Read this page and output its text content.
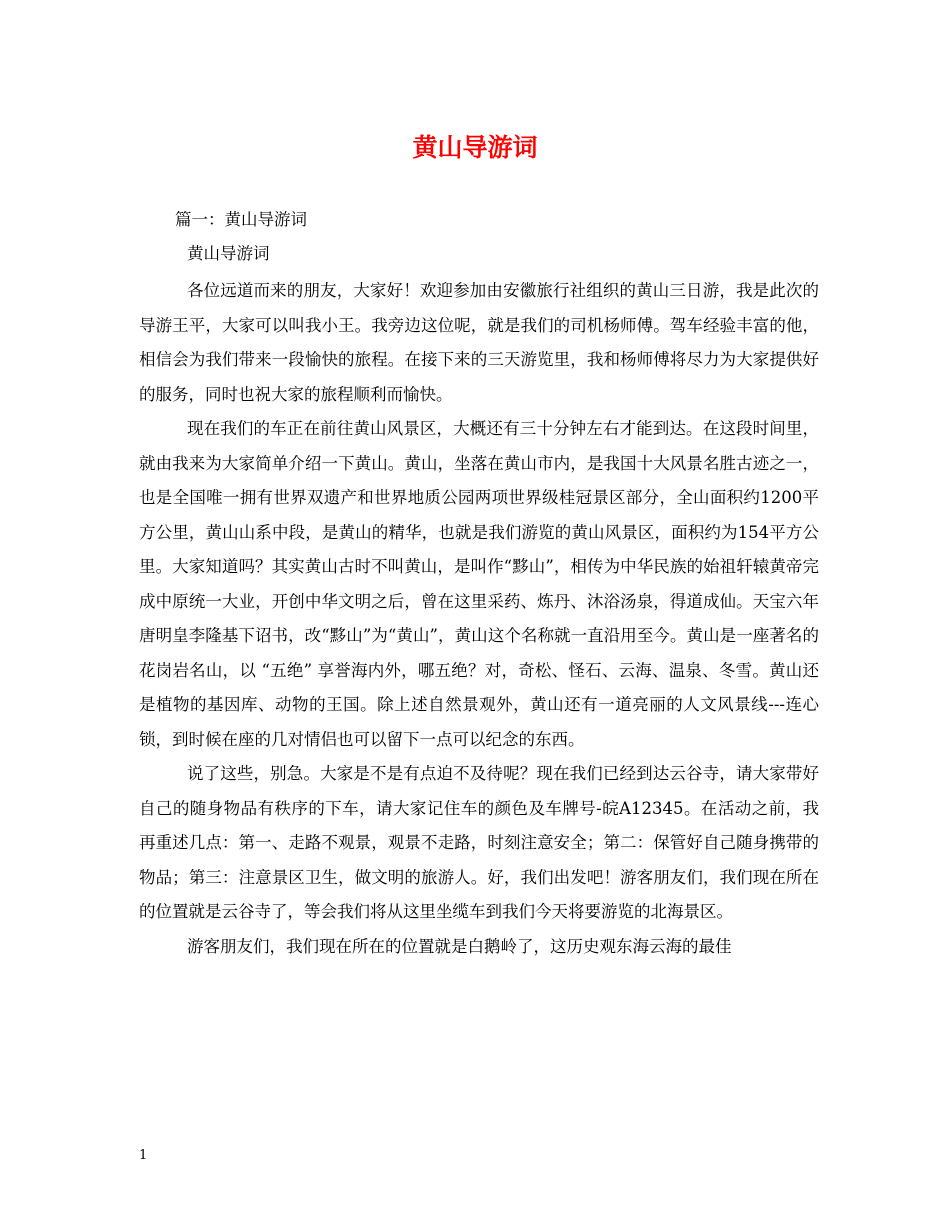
黄山导游词

篇一：黄山导游词

黄山导游词

各位远道而来的朋友，大家好！欢迎参加由安徽旅行社组织的黄山三日游，我是此次的导游王平，大家可以叫我小王。我旁边这位呢，就是我们的司机杨师傅。驾车经验丰富的他，相信会为我们带来一段愉快的旅程。在接下来的三天游览里，我和杨师傅将尽力为大家提供好的服务，同时也祝大家的旅程顺利而愉快。

现在我们的车正在前往黄山风景区，大概还有三十分钟左右才能到达。在这段时间里，就由我来为大家简单介绍一下黄山。黄山，坐落在黄山市内，是我国十大风景名胜古迹之一，也是全国唯一拥有世界双遗产和世界地质公园两项世界级桂冠景区部分，全山面积约1200平方公里，黄山山系中段，是黄山的精华，也就是我们游览的黄山风景区，面积约为154平方公里。大家知道吗？其实黄山古时不叫黄山，是叫作“黟山”，相传为中华民族的始祖轩辕黄帝完成中原统一大业，开创中华文明之后，曾在这里采药、炼丹、沐浴汤泉，得道成仙。天宝六年唐明皇李隆基下诏书，改“黟山”为“黄山”，黄山这个名称就一直沿用至今。黄山是一座著名的花岗岩名山，以 “五绝” 享誉海内外，哪五绝？对，奇松、怪石、云海、温泉、冬雪。黄山还是植物的基因库、动物的王国。除上述自然景观外，黄山还有一道亮丽的人文风景线---连心锁，到时候在座的几对情侣也可以留下一点可以纪念的东西。

说了这些，别急。大家是不是有点迫不及待呢？现在我们已经到达云谷寺，请大家带好自己的随身物品有秩序的下车，请大家记住车的颜色及车牌号-皖A12345。在活动之前，我再重述几点：第一、走路不观景，观景不走路，时刻注意安全；第二：保管好自己随身携带的物品；第三：注意景区卫生，做文明的旅游人。好，我们出发吧！游客朋友们，我们现在所在的位置就是云谷寺了，等会我们将从这里坐缆车到我们今天将要游览的北海景区。

游客朋友们，我们现在所在的位置就是白鹅岭了，这历史观东海云海的最佳

1
